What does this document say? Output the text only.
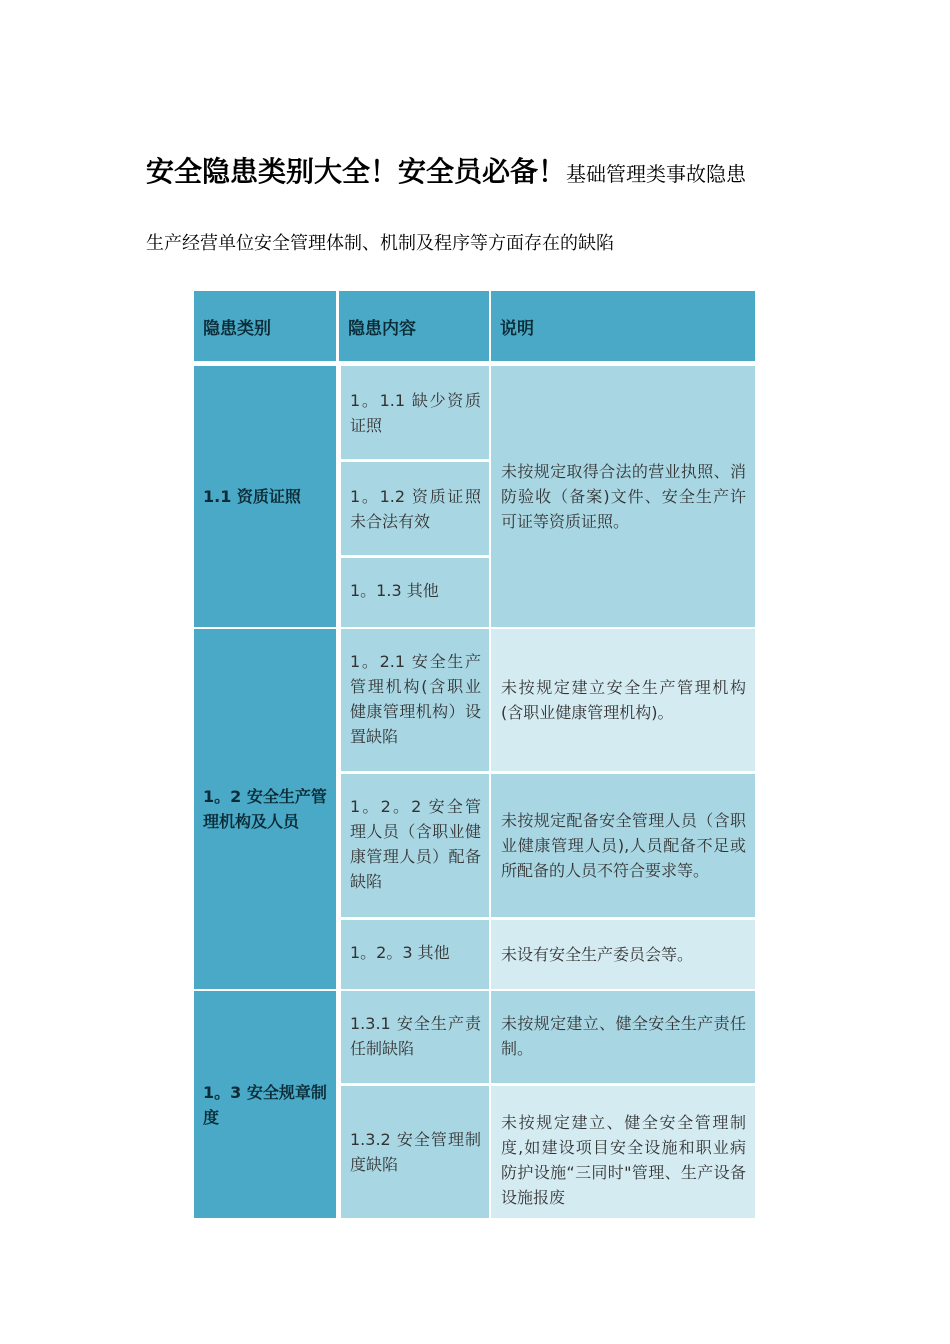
安全隐患类别大全！安全员必备！基础管理类事故隐患
生产经营单位安全管理体制、机制及程序等方面存在的缺陷
隐患类别	隐患内容	说明
1.1 资质证照
1。1.1 缺少资质证照
1。1.2 资质证照未合法有效
1。1.3 其他
未按规定取得合法的营业执照、消防验收（备案)文件、安全生产许可证等资质证照。
1。2 安全生产管理机构及人员
1。2.1 安全生产管理机构(含职业健康管理机构）设置缺陷
1。2。2 安全管理人员（含职业健康管理人员）配备缺陷
1。2。3 其他
未按规定建立安全生产管理机构(含职业健康管理机构)。
未按规定配备安全管理人员（含职业健康管理人员),人员配备不足或所配备的人员不符合要求等。
未设有安全生产委员会等。
1。3 安全规章制度
1.3.1 安全生产责任制缺陷
1.3.2 安全管理制度缺陷
未按规定建立、健全安全生产责任制。
未按规定建立、健全安全管理制度,如建设项目安全设施和职业病防护设施“三同时"管理、生产设备设施报废
